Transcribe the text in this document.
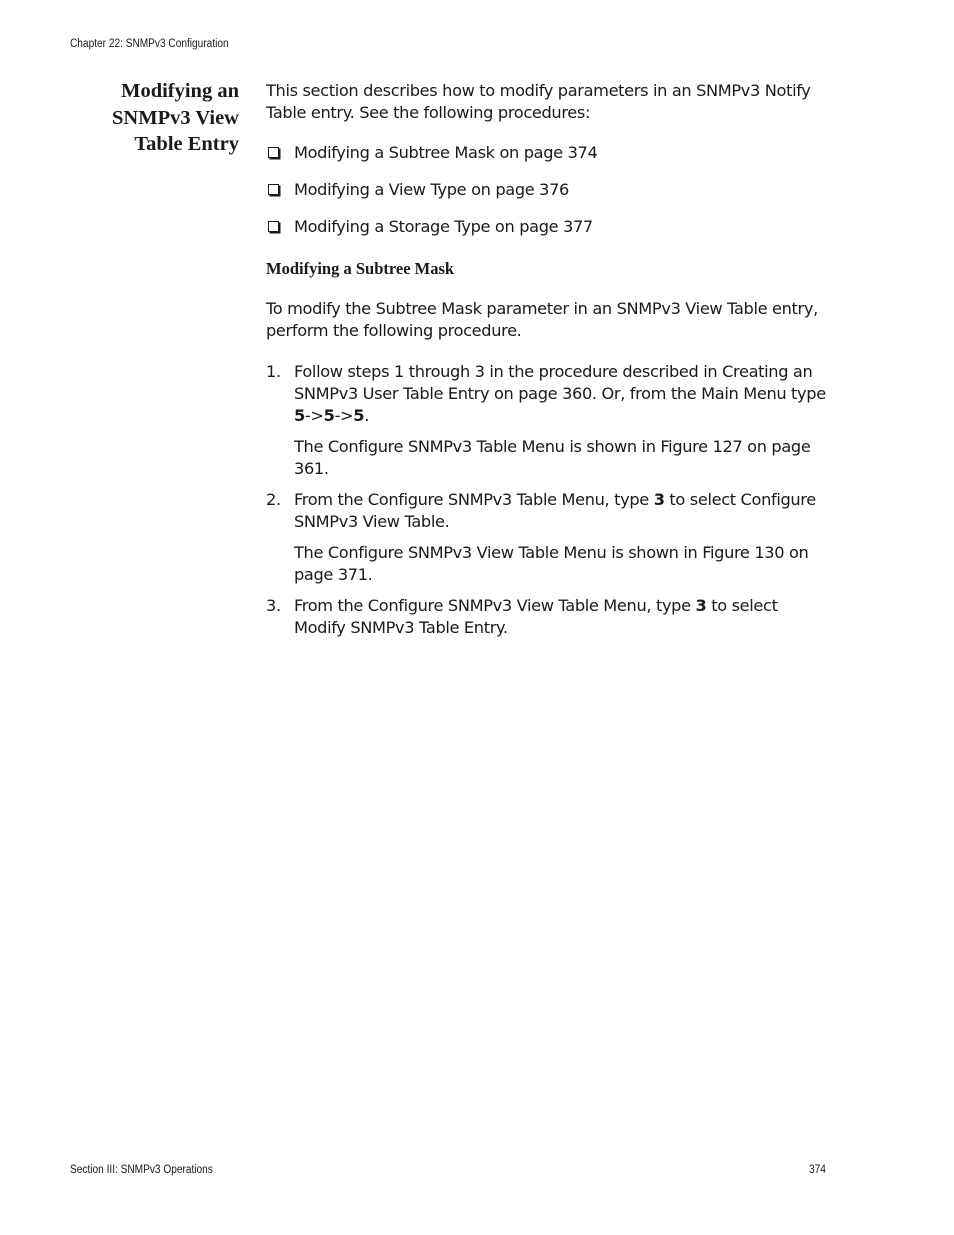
Chapter 22: SNMPv3 Configuration
Modifying an
SNMPv3 View
Table Entry

This section describes how to modify parameters in an SNMPv3 Notify Table entry. See the following procedures:

Modifying a Subtree Mask on page 374
Modifying a View Type on page 376
Modifying a Storage Type on page 377

Modifying a Subtree Mask

To modify the Subtree Mask parameter in an SNMPv3 View Table entry, perform the following procedure.

1. Follow steps 1 through 3 in the procedure described in Creating an SNMPv3 User Table Entry on page 360. Or, from the Main Menu type 5->5->5.

The Configure SNMPv3 Table Menu is shown in Figure 127 on page 361.

2. From the Configure SNMPv3 Table Menu, type 3 to select Configure SNMPv3 View Table.

The Configure SNMPv3 View Table Menu is shown in Figure 130 on page 371.

3. From the Configure SNMPv3 View Table Menu, type 3 to select Modify SNMPv3 Table Entry.

Section III: SNMPv3 Operations	374
